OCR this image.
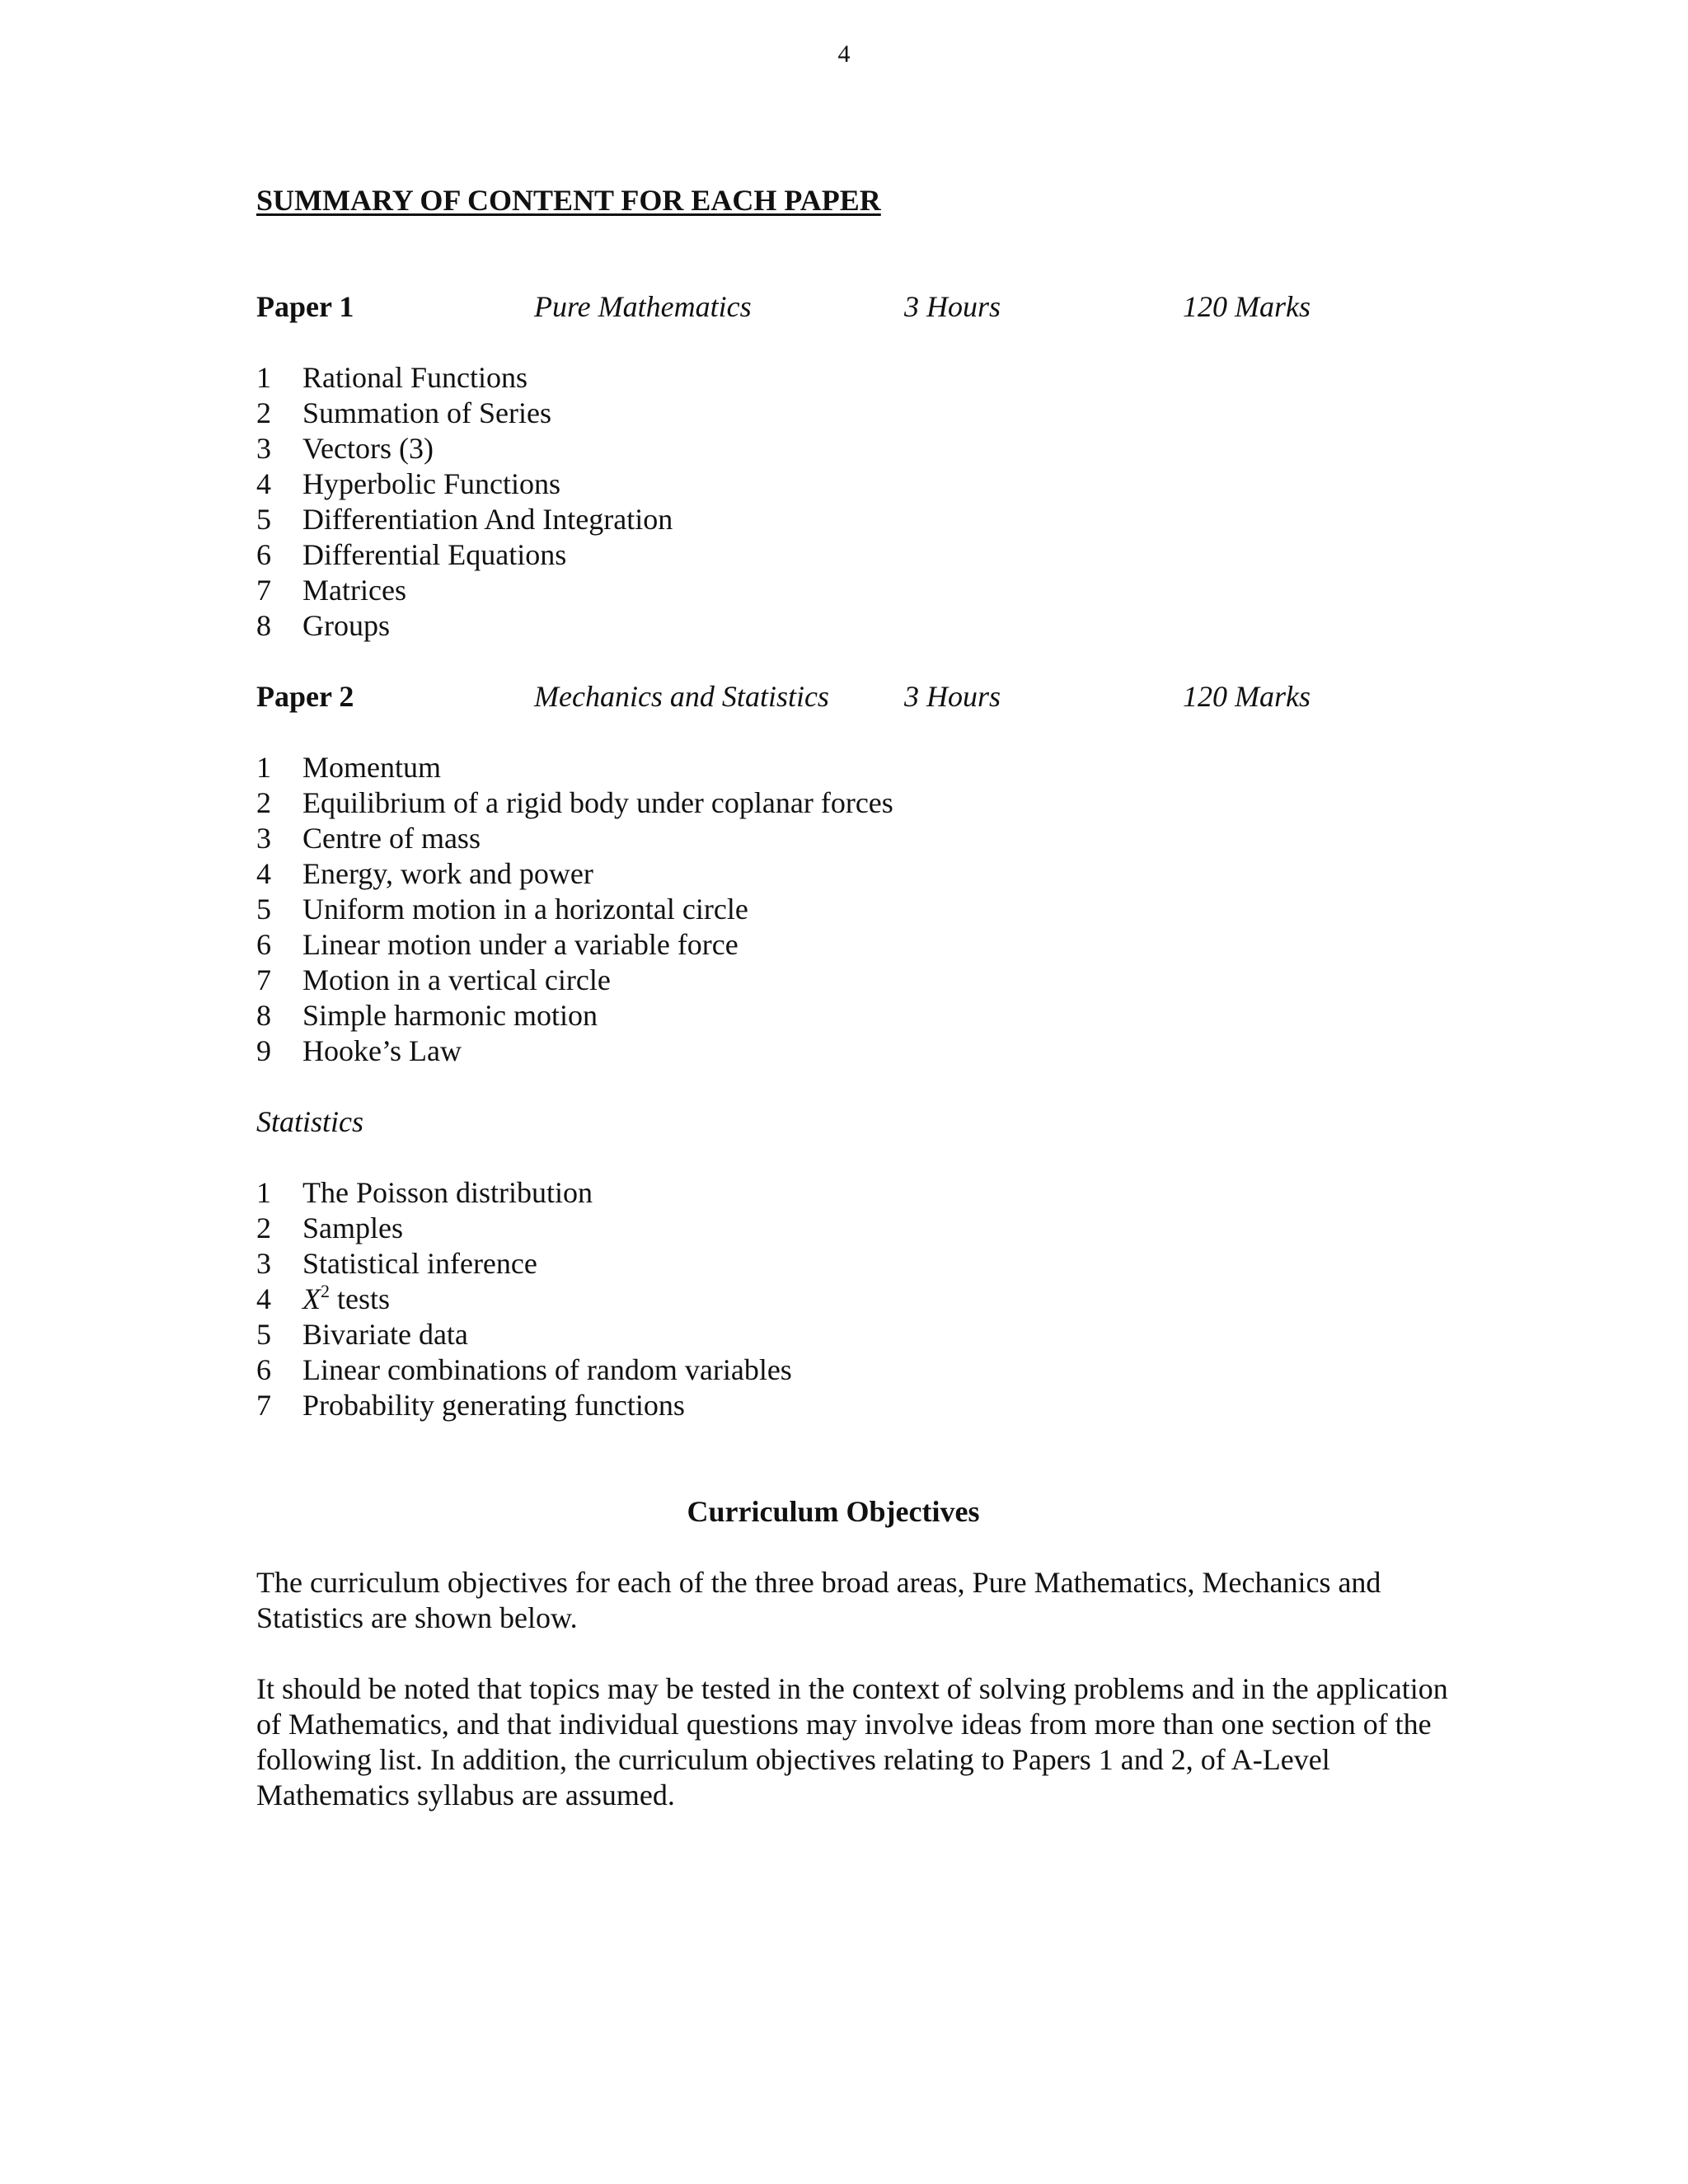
4
SUMMARY OF CONTENT FOR EACH PAPER
Paper 1	Pure Mathematics	3 Hours	120 Marks
1	Rational Functions
2	Summation of Series
3	Vectors (3)
4	Hyperbolic Functions
5	Differentiation And Integration
6	Differential Equations
7	Matrices
8	Groups
Paper 2	Mechanics and Statistics	3 Hours	120 Marks
1	Momentum
2	Equilibrium of a rigid body under coplanar forces
3	Centre of mass
4	Energy, work and power
5	Uniform motion in a horizontal circle
6	Linear motion under a variable force
7	Motion in a vertical circle
8	Simple harmonic motion
9	Hooke’s Law
Statistics
1	The Poisson distribution
2	Samples
3	Statistical inference
4	$X^2$ tests
5	Bivariate data
6	Linear combinations of random variables
7	Probability generating functions
Curriculum Objectives

The curriculum objectives for each of the three broad areas, Pure Mathematics, Mechanics and Statistics are shown below.

It should be noted that topics may be tested in the context of solving problems and in the application of Mathematics, and that individual questions may involve ideas from more than one section of the following list. In addition, the curriculum objectives relating to Papers 1 and 2, of A-Level Mathematics syllabus are assumed.
